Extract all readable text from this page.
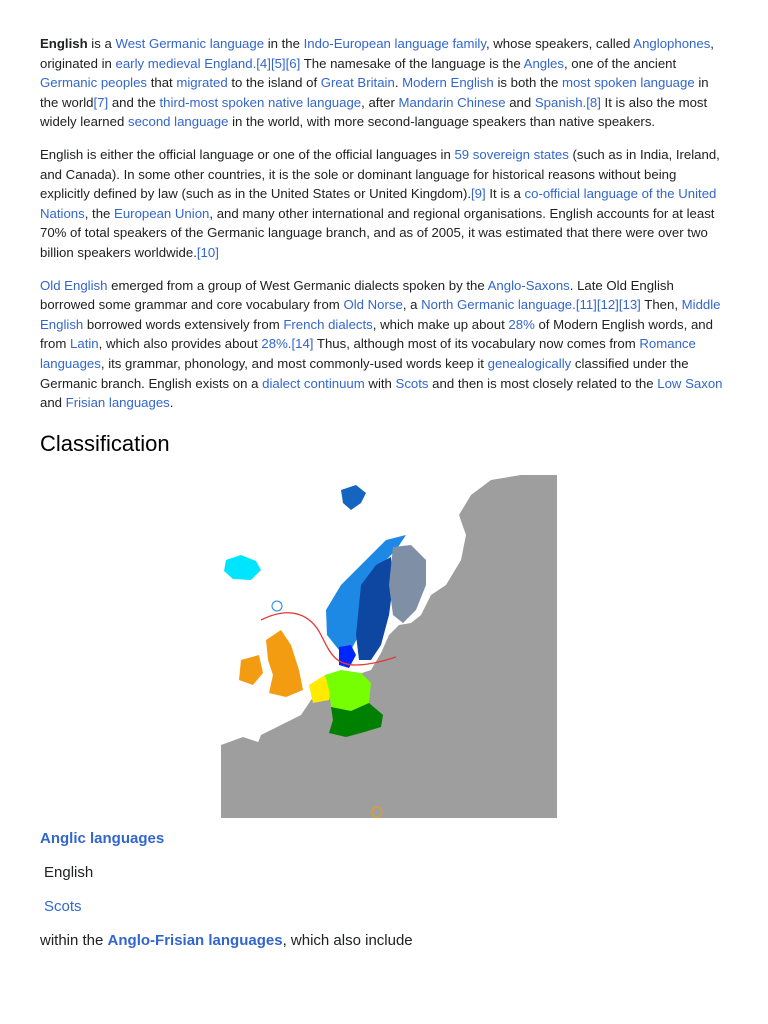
English is a West Germanic language in the Indo-European language family, whose speakers, called Anglophones, originated in early medieval England.[4][5][6] The namesake of the language is the Angles, one of the ancient Germanic peoples that migrated to the island of Great Britain. Modern English is both the most spoken language in the world[7] and the third-most spoken native language, after Mandarin Chinese and Spanish.[8] It is also the most widely learned second language in the world, with more second-language speakers than native speakers.

English is either the official language or one of the official languages in 59 sovereign states (such as in India, Ireland, and Canada). In some other countries, it is the sole or dominant language for historical reasons without being explicitly defined by law (such as in the United States or United Kingdom).[9] It is a co-official language of the United Nations, the European Union, and many other international and regional organisations. English accounts for at least 70% of total speakers of the Germanic language branch, and as of 2005, it was estimated that there were over two billion speakers worldwide.[10]

Old English emerged from a group of West Germanic dialects spoken by the Anglo-Saxons. Late Old English borrowed some grammar and core vocabulary from Old Norse, a North Germanic language.[11][12][13] Then, Middle English borrowed words extensively from French dialects, which make up about 28% of Modern English words, and from Latin, which also provides about 28%.[14] Thus, although most of its vocabulary now comes from Romance languages, its grammar, phonology, and most commonly-used words keep it genealogically classified under the Germanic branch. English exists on a dialect continuum with Scots and then is most closely related to the Low Saxon and Frisian languages.

Classification
Anglic languages
English
Scots
within the Anglo-Frisian languages, which also include
